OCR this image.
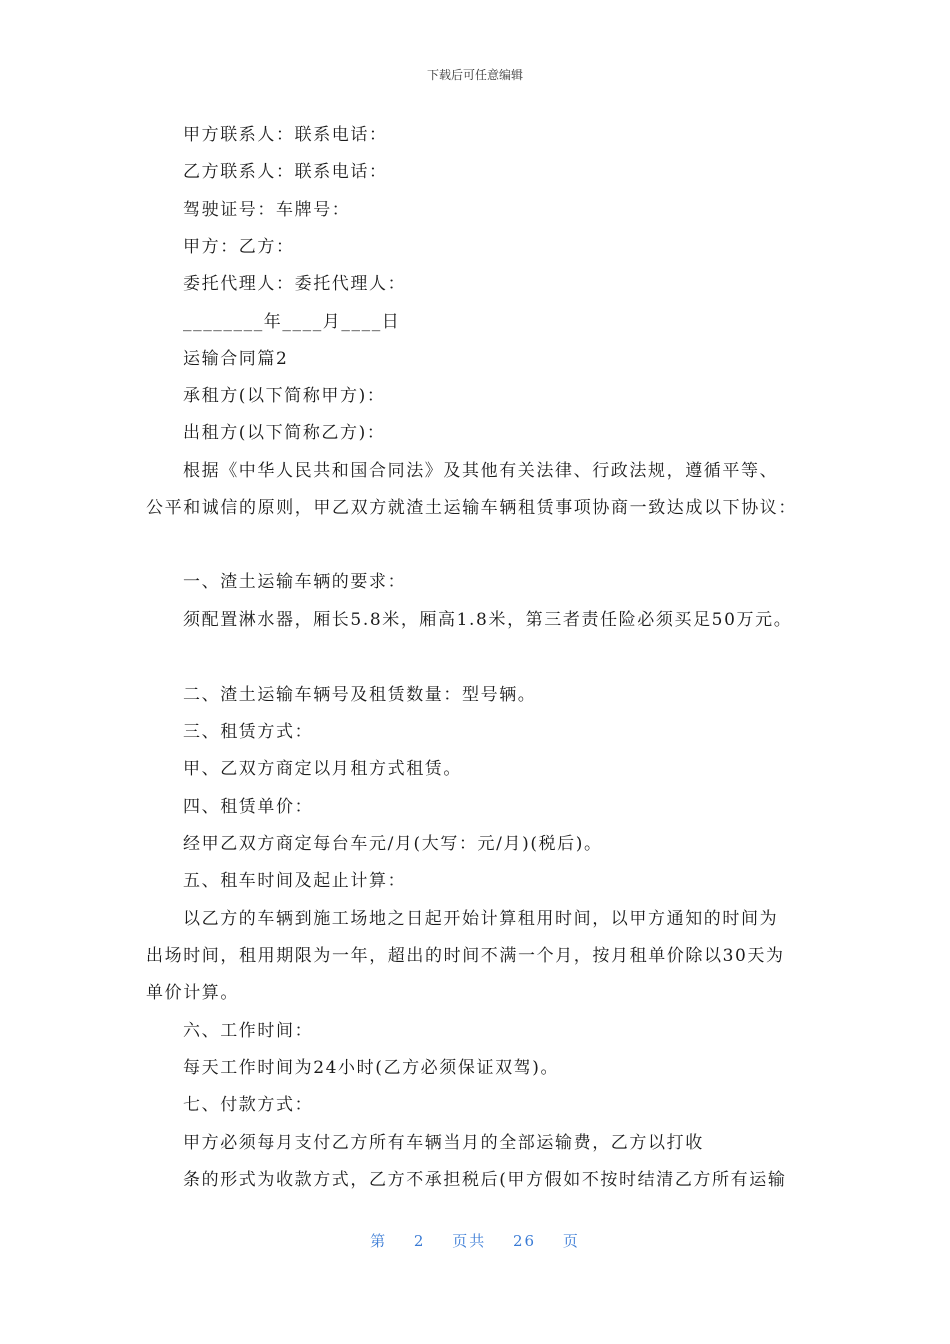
下载后可任意编辑
甲方联系人：联系电话：
乙方联系人：联系电话：
驾驶证号：车牌号：
甲方：乙方：
委托代理人：委托代理人：
________年____月____日
运输合同篇2
承租方(以下简称甲方)：
出租方(以下简称乙方)：
根据《中华人民共和国合同法》及其他有关法律、行政法规，遵循平等、
公平和诚信的原则，甲乙双方就渣土运输车辆租赁事项协商一致达成以下协议：
一、渣土运输车辆的要求：
须配置淋水器，厢长5.8米，厢高1.8米，第三者责任险必须买足50万元。
二、渣土运输车辆号及租赁数量：型号辆。
三、租赁方式：
甲、乙双方商定以月租方式租赁。
四、租赁单价：
经甲乙双方商定每台车元/月(大写：元/月)(税后)。
五、租车时间及起止计算：
以乙方的车辆到施工场地之日起开始计算租用时间，以甲方通知的时间为
出场时间，租用期限为一年，超出的时间不满一个月，按月租单价除以30天为
单价计算。
六、工作时间：
每天工作时间为24小时(乙方必须保证双驾)。
七、付款方式：
甲方必须每月支付乙方所有车辆当月的全部运输费，乙方以打收
条的形式为收款方式，乙方不承担税后(甲方假如不按时结清乙方所有运输
第 2 页共 26 页
